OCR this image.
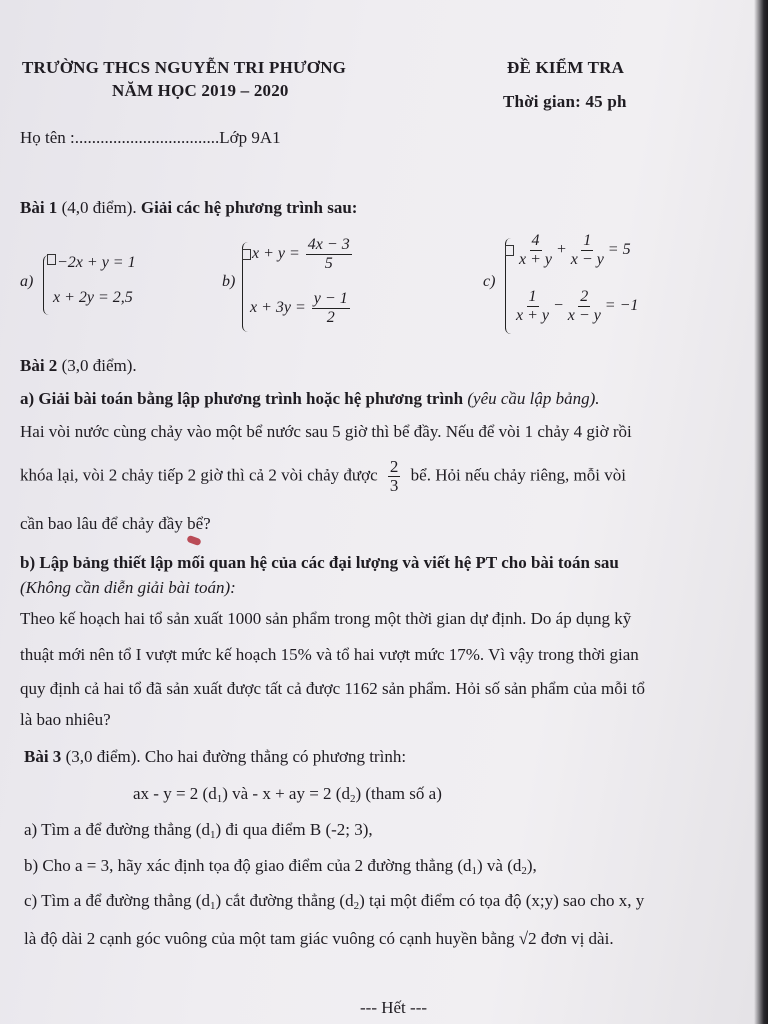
TRƯỜNG THCS NGUYỄN TRI PHƯƠNG
NĂM HỌC 2019 – 2020
ĐỀ KIỂM TRA
Thời gian: 45 ph
Họ tên :..................................Lớp 9A1
Bài 1 (4,0 điểm). Giải các hệ phương trình sau:
a)
−2x + y = 1
x + 2y = 2,5
b)
$x + y = \frac{4x - 3}{5}$
$x + 3y = \frac{y - 1}{2}$
c)
$\frac{4}{x + y} + \frac{1}{x - y} = 5$
$\frac{1}{x + y} - \frac{2}{x - y} = -1$
Bài 2 (3,0 điểm).
a) Giải bài toán bằng lập phương trình hoặc hệ phương trình (yêu cầu lập bảng).
Hai vòi nước cùng chảy vào một bể nước sau 5 giờ thì bể đầy. Nếu để vòi 1 chảy 4 giờ rồi
khóa lại, vòi 2 chảy tiếp 2 giờ thì cả 2 vòi chảy được $\frac{2}{3}$ bể. Hỏi nếu chảy riêng, mỗi vòi
cần bao lâu để chảy đầy bể?
b) Lập bảng thiết lập mối quan hệ của các đại lượng và viết hệ PT cho bài toán sau
(Không cần diễn giải bài toán):
Theo kế hoạch hai tổ sản xuất 1000 sản phẩm trong một thời gian dự định. Do áp dụng kỹ
thuật mới nên tổ I vượt mức kế hoạch 15% và tổ hai vượt mức 17%. Vì vậy trong thời gian
quy định cả hai tổ đã sản xuất được tất cả được 1162 sản phẩm. Hỏi số sản phẩm của mỗi tổ
là bao nhiêu?
Bài 3 (3,0 điểm). Cho hai đường thẳng có phương trình:
ax - y = 2 $(d_1)$ và - x + ay = 2 $(d_2)$ (tham số a)
a) Tìm a để đường thẳng $(d_1)$ đi qua điểm B (-2; 3),
b) Cho a = 3, hãy xác định tọa độ giao điểm của 2 đường thẳng $(d_1)$ và $(d_2)$,
c) Tìm a để đường thẳng $(d_1)$ cắt đường thẳng $(d_2)$ tại một điểm có tọa độ (x;y) sao cho x, y
là độ dài 2 cạnh góc vuông của một tam giác vuông có cạnh huyền bằng √2 đơn vị dài.
--- Hết ---
